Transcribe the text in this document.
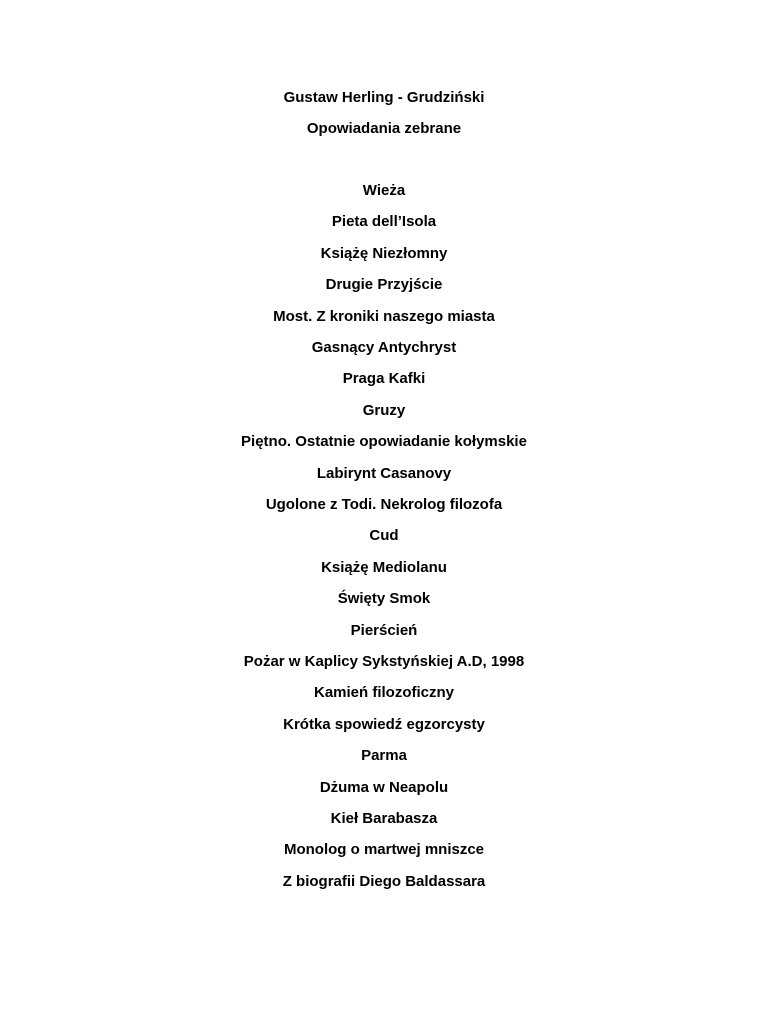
Gustaw Herling - Grudziński
Opowiadania zebrane
Wieża
Pieta dell’Isola
Książę Niezłomny
Drugie Przyjście
Most. Z kroniki naszego miasta
Gasnący Antychryst
Praga Kafki
Gruzy
Piętno. Ostatnie opowiadanie kołymskie
Labirynt Casanovy
Ugolone z Todi. Nekrolog filozofa
Cud
Książę Mediolanu
Święty Smok
Pierścień
Pożar w Kaplicy Sykstyńskiej A.D, 1998
Kamień filozoficzny
Krótka spowiedź egzorcysty
Parma
Dżuma w Neapolu
Kieł Barabasza
Monolog o martwej mniszce
Z biografii Diego Baldassara
